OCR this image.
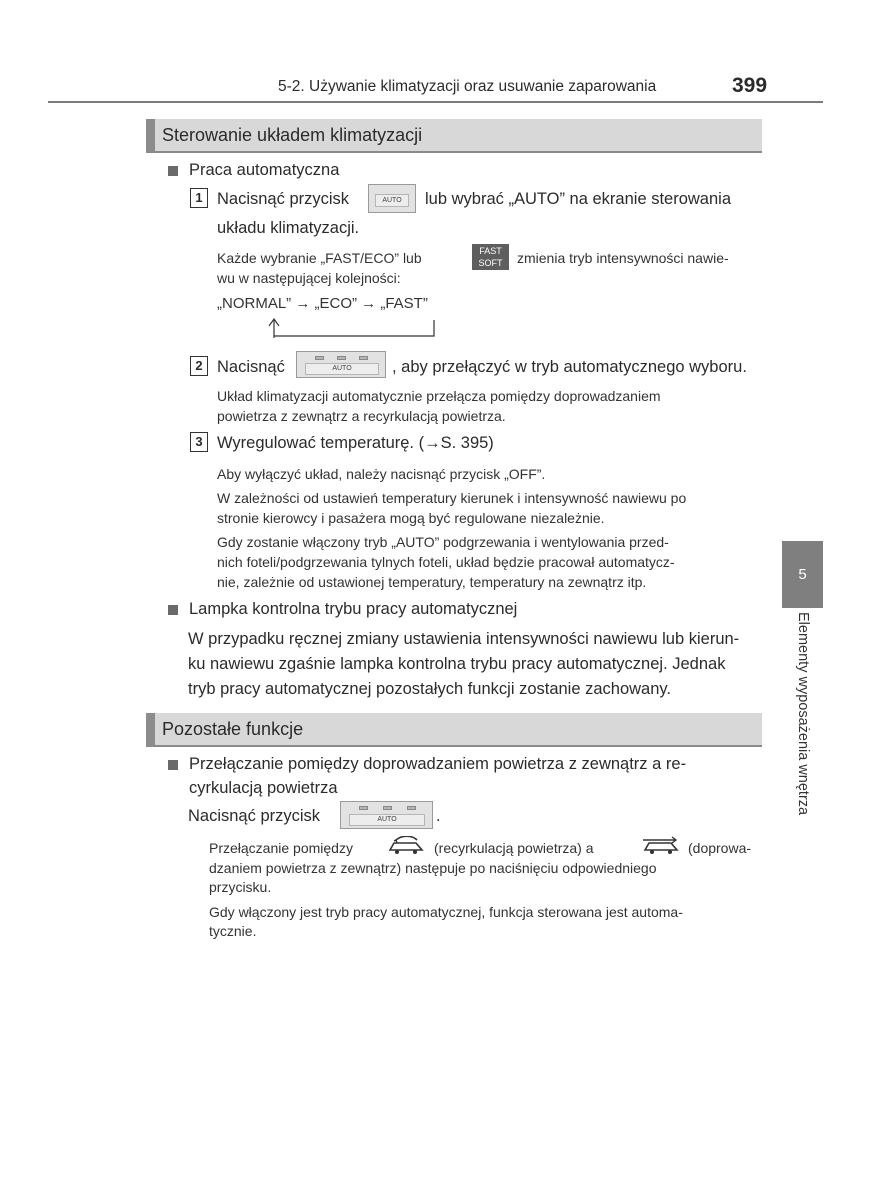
5-2. Używanie klimatyzacji oraz usuwanie zaparowania	399
5
Elementy wyposażenia wnętrza
Sterowanie układem klimatyzacji
Praca automatyczna
1 Nacisnąć przycisk	AUTO	lub wybrać „AUTO” na ekranie sterowania
układu klimatyzacji.
Każde wybranie „FAST/ECO” lub	FAST
SOFT	zmienia tryb intensywności nawie-
wu w następującej kolejności:
„NORMAL” → „ECO” → „FAST”
2 Nacisnąć	AUTO	, aby przełączyć w tryb automatycznego wyboru.
Układ klimatyzacji automatycznie przełącza pomiędzy doprowadzaniem
powietrza z zewnątrz a recyrkulacją powietrza.
3 Wyregulować temperaturę. (→S. 395)
Aby wyłączyć układ, należy nacisnąć przycisk „OFF”.
W zależności od ustawień temperatury kierunek i intensywność nawiewu po
stronie kierowcy i pasażera mogą być regulowane niezależnie.
Gdy zostanie włączony tryb „AUTO” podgrzewania i wentylowania przed-
nich foteli/podgrzewania tylnych foteli, układ będzie pracował automatycz-
nie, zależnie od ustawionej temperatury, temperatury na zewnątrz itp.
Lampka kontrolna trybu pracy automatycznej
W przypadku ręcznej zmiany ustawienia intensywności nawiewu lub kierun-
ku nawiewu zgaśnie lampka kontrolna trybu pracy automatycznej. Jednak
tryb pracy automatycznej pozostałych funkcji zostanie zachowany.
Pozostałe funkcje
Przełączanie pomiędzy doprowadzaniem powietrza z zewnątrz a re-
cyrkulacją powietrza
Nacisnąć przycisk	AUTO	.
Przełączanie pomiędzy	(recyrkulacją powietrza) a	(doprowa-
dzaniem powietrza z zewnątrz) następuje po naciśnięciu odpowiedniego
przycisku.
Gdy włączony jest tryb pracy automatycznej, funkcja sterowana jest automa-
tycznie.
